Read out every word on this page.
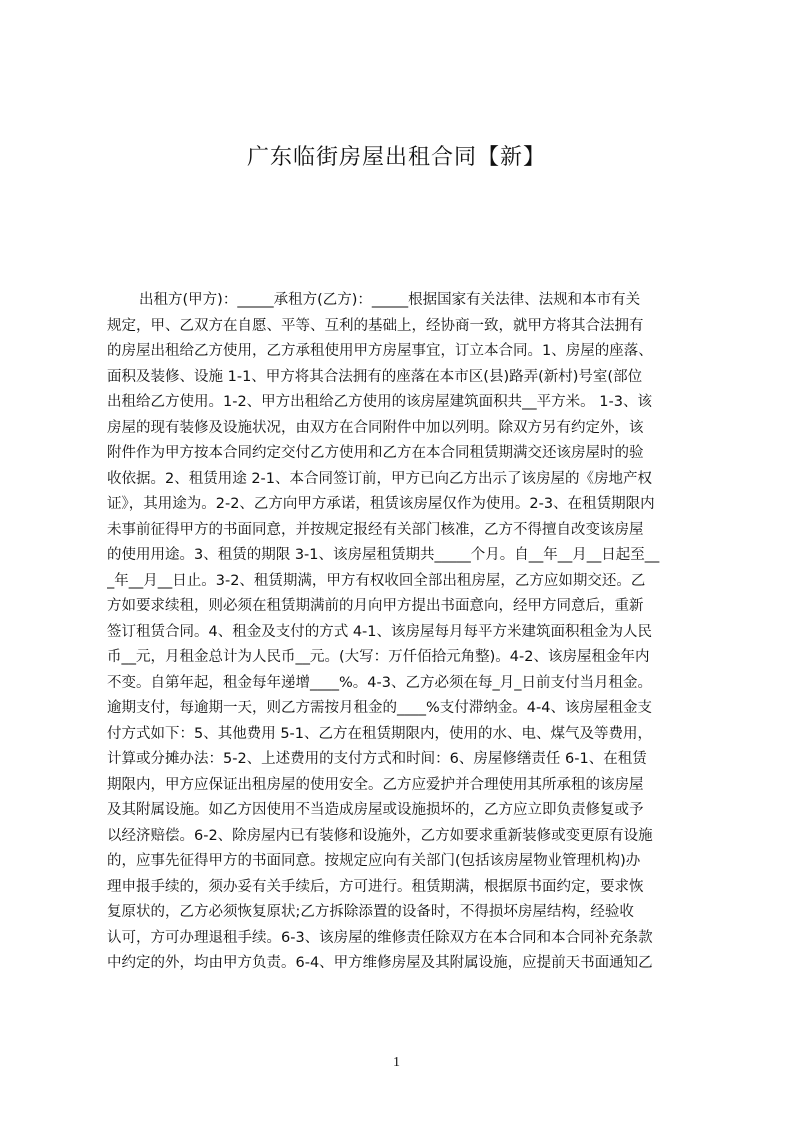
广东临街房屋出租合同【新】
出租方(甲方)：_____承租方(乙方)：_____根据国家有关法律、法规和本市有关
规定，甲、乙双方在自愿、平等、互利的基础上，经协商一致，就甲方将其合法拥有
的房屋出租给乙方使用，乙方承租使用甲方房屋事宜，订立本合同。1、房屋的座落、
面积及装修、设施 1-1、甲方将其合法拥有的座落在本市区(县)路弄(新村)号室(部位
出租给乙方使用。1-2、甲方出租给乙方使用的该房屋建筑面积共__平方米。 1-3、该
房屋的现有装修及设施状况，由双方在合同附件中加以列明。除双方另有约定外，该
附件作为甲方按本合同约定交付乙方使用和乙方在本合同租赁期满交还该房屋时的验
收依据。2、租赁用途 2-1、本合同签订前，甲方已向乙方出示了该房屋的《房地产权
证》，其用途为。2-2、乙方向甲方承诺，租赁该房屋仅作为使用。2-3、在租赁期限内
未事前征得甲方的书面同意，并按规定报经有关部门核准，乙方不得擅自改变该房屋
的使用用途。3、租赁的期限 3-1、该房屋租赁期共_____个月。自__年__月__日起至__
_年__月__日止。3-2、租赁期满，甲方有权收回全部出租房屋，乙方应如期交还。乙
方如要求续租，则必须在租赁期满前的月向甲方提出书面意向，经甲方同意后，重新
签订租赁合同。4、租金及支付的方式 4-1、该房屋每月每平方米建筑面积租金为人民
币__元，月租金总计为人民币__元。(大写：万仟佰拾元角整)。4-2、该房屋租金年内
不变。自第年起，租金每年递增____%。4-3、乙方必须在每_月_日前支付当月租金。
逾期支付，每逾期一天，则乙方需按月租金的____%支付滞纳金。4-4、该房屋租金支
付方式如下：5、其他费用 5-1、乙方在租赁期限内，使用的水、电、煤气及等费用，
计算或分摊办法：5-2、上述费用的支付方式和时间：6、房屋修缮责任 6-1、在租赁
期限内，甲方应保证出租房屋的使用安全。乙方应爱护并合理使用其所承租的该房屋
及其附属设施。如乙方因使用不当造成房屋或设施损坏的，乙方应立即负责修复或予
以经济赔偿。6-2、除房屋内已有装修和设施外，乙方如要求重新装修或变更原有设施
的，应事先征得甲方的书面同意。按规定应向有关部门(包括该房屋物业管理机构)办
理申报手续的，须办妥有关手续后，方可进行。租赁期满，根据原书面约定，要求恢
复原状的，乙方必须恢复原状;乙方拆除添置的设备时，不得损坏房屋结构，经验收
认可，方可办理退租手续。6-3、该房屋的维修责任除双方在本合同和本合同补充条款
中约定的外，均由甲方负责。6-4、甲方维修房屋及其附属设施，应提前天书面通知乙
1
